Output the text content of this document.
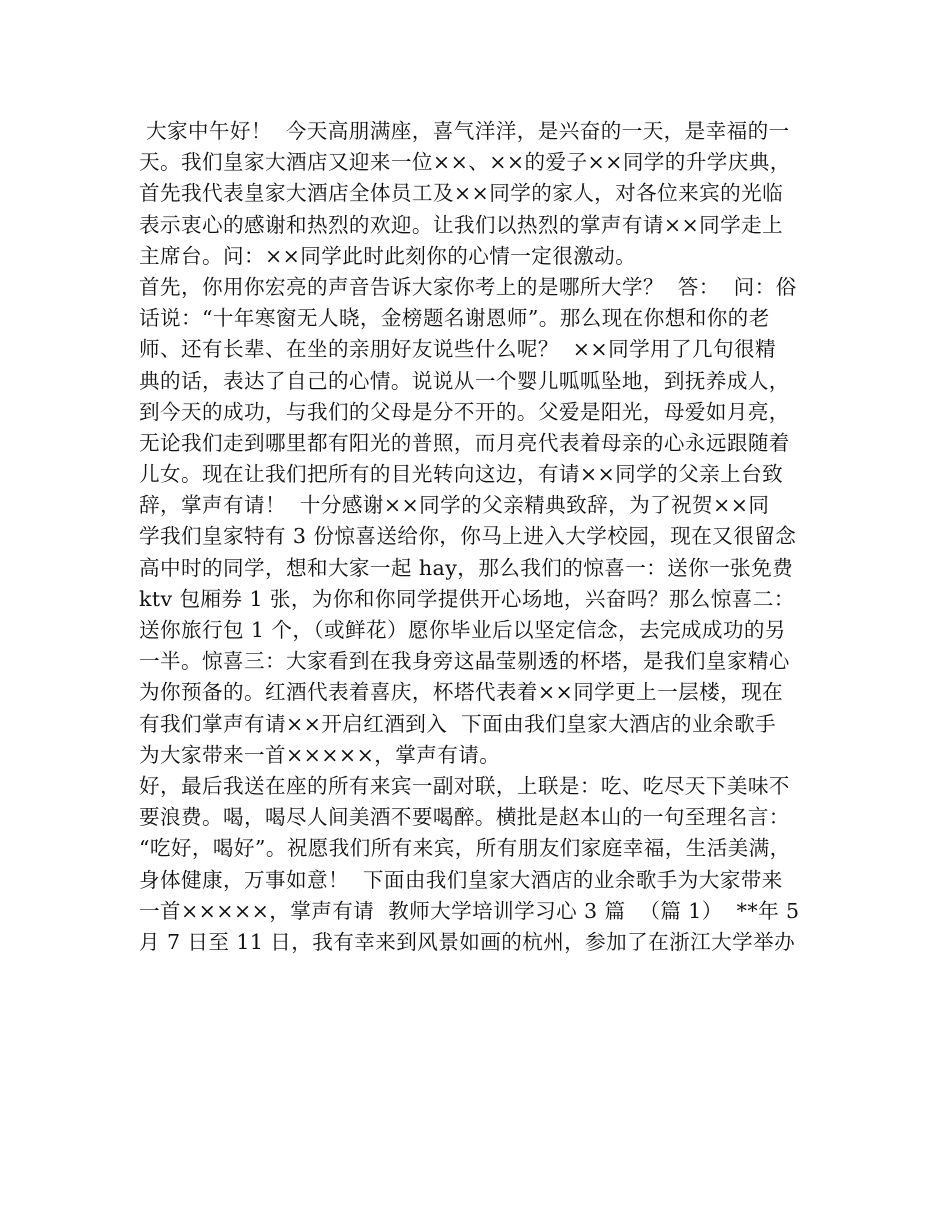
大家中午好！  今天高朋满座，喜气洋洋，是兴奋的一天，是幸福的一
天。我们皇家大酒店又迎来一位××、××的爱子××同学的升学庆典，
首先我代表皇家大酒店全体员工及××同学的家人，对各位来宾的光临
表示衷心的感谢和热烈的欢迎。让我们以热烈的掌声有请××同学走上
主席台。问：××同学此时此刻你的心情一定很激动。
首先，你用你宏亮的声音告诉大家你考上的是哪所大学？  答：  问：俗
话说：“十年寒窗无人晓，金榜题名谢恩师”。那么现在你想和你的老
师、还有长辈、在坐的亲朋好友说些什么呢？  ××同学用了几句很精
典的话，表达了自己的心情。说说从一个婴儿呱呱坠地，到抚养成人，
到今天的成功，与我们的父母是分不开的。父爱是阳光，母爱如月亮，
无论我们走到哪里都有阳光的普照，而月亮代表着母亲的心永远跟随着
儿女。现在让我们把所有的目光转向这边，有请××同学的父亲上台致
辞，掌声有请！  十分感谢××同学的父亲精典致辞，为了祝贺××同
学我们皇家特有 3 份惊喜送给你，你马上进入大学校园，现在又很留念
高中时的同学，想和大家一起 hay，那么我们的惊喜一：送你一张免费
ktv 包厢券 1 张，为你和你同学提供开心场地，兴奋吗？那么惊喜二：
送你旅行包 1 个，（或鲜花）愿你毕业后以坚定信念，去完成成功的另
一半。惊喜三：大家看到在我身旁这晶莹剔透的杯塔，是我们皇家精心
为你预备的。红酒代表着喜庆，杯塔代表着××同学更上一层楼，现在
有我们掌声有请××开启红酒到入  下面由我们皇家大酒店的业余歌手
为大家带来一首×××××，掌声有请。
好，最后我送在座的所有来宾一副对联，上联是：吃、吃尽天下美味不
要浪费。喝，喝尽人间美酒不要喝醉。横批是赵本山的一句至理名言：
“吃好，喝好”。祝愿我们所有来宾，所有朋友们家庭幸福，生活美满，
身体健康，万事如意！  下面由我们皇家大酒店的业余歌手为大家带来
一首×××××，掌声有请  教师大学培训学习心 3 篇  （篇 1）  **年 5
月 7 日至 11 日，我有幸来到风景如画的杭州，参加了在浙江大学举办
